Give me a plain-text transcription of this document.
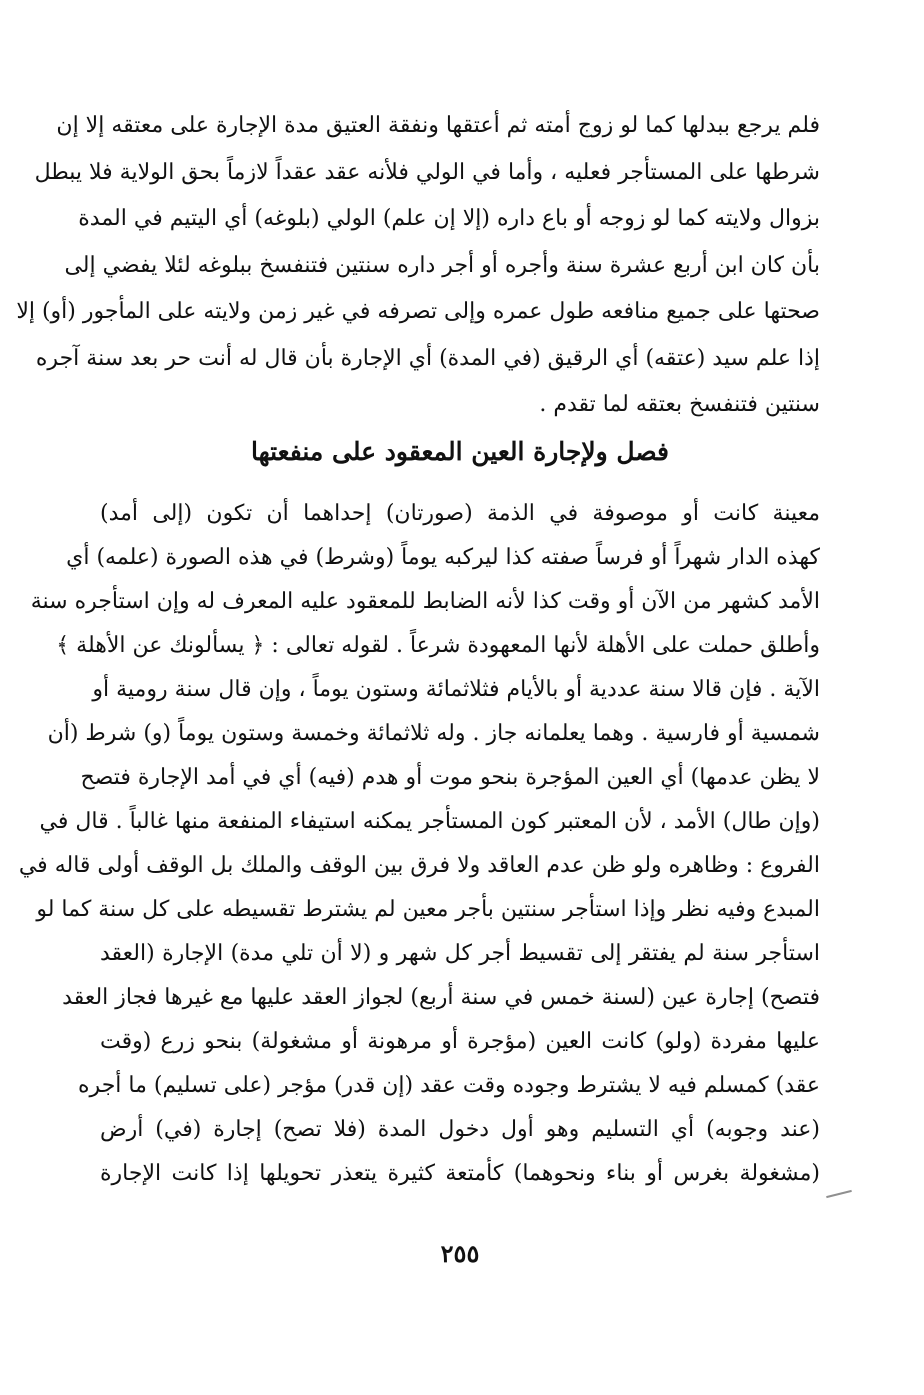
فلم يرجع ببدلها كما لو زوج أمته ثم أعتقها ونفقة العتيق مدة الإجارة على معتقه إلا إن
شرطها على المستأجر فعليه ، وأما في الولي فلأنه عقد عقداً لازماً بحق الولاية فلا يبطل
بزوال ولايته كما لو زوجه أو باع داره (إلا إن علم) الولي (بلوغه) أي اليتيم في المدة
بأن كان ابن أربع عشرة سنة وأجره أو أجر داره سنتين فتنفسخ ببلوغه لئلا يفضي إلى
صحتها على جميع منافعه طول عمره وإلى تصرفه في غير زمن ولايته على المأجور (أو) إلا
إذا علم سيد (عتقه) أي الرقيق (في المدة) أي الإجارة بأن قال له أنت حر بعد سنة آجره
سنتين فتنفسخ بعتقه لما تقدم .
فصل ولإجارة العين المعقود على منفعتها
معينة كانت أو موصوفة في الذمة (صورتان) إحداهما أن تكون (إلى أمد)
كهذه الدار شهراً أو فرساً صفته كذا ليركبه يوماً (وشرط) في هذه الصورة (علمه) أي
الأمد كشهر من الآن أو وقت كذا لأنه الضابط للمعقود عليه المعرف له وإن استأجره سنة
وأطلق حملت على الأهلة لأنها المعهودة شرعاً . لقوله تعالى : ﴿ يسألونك عن الأهلة ﴾
الآية . فإن قالا سنة عددية أو بالأيام فثلاثمائة وستون يوماً ، وإن قال سنة رومية أو
شمسية أو فارسية . وهما يعلمانه جاز . وله ثلاثمائة وخمسة وستون يوماً (و) شرط (أن
لا يظن عدمها) أي العين المؤجرة بنحو موت أو هدم (فيه) أي في أمد الإجارة فتصح
(وإن طال) الأمد ، لأن المعتبر كون المستأجر يمكنه استيفاء المنفعة منها غالباً . قال في
الفروع : وظاهره ولو ظن عدم العاقد ولا فرق بين الوقف والملك بل الوقف أولى قاله في
المبدع وفيه نظر وإذا استأجر سنتين بأجر معين لم يشترط تقسيطه على كل سنة كما لو
استأجر سنة لم يفتقر إلى تقسيط أجر كل شهر و (لا أن تلي مدة) الإجارة (العقد
فتصح) إجارة عين (لسنة خمس في سنة أربع) لجواز العقد عليها مع غيرها فجاز العقد
عليها مفردة (ولو) كانت العين (مؤجرة أو مرهونة أو مشغولة) بنحو زرع (وقت
عقد) كمسلم فيه لا يشترط وجوده وقت عقد (إن قدر) مؤجر (على تسليم) ما أجره
(عند وجوبه) أي التسليم وهو أول دخول المدة (فلا تصح) إجارة (في) أرض
(مشغولة بغرس أو بناء ونحوهما) كأمتعة كثيرة يتعذر تحويلها إذا كانت الإجارة
٢٥٥
